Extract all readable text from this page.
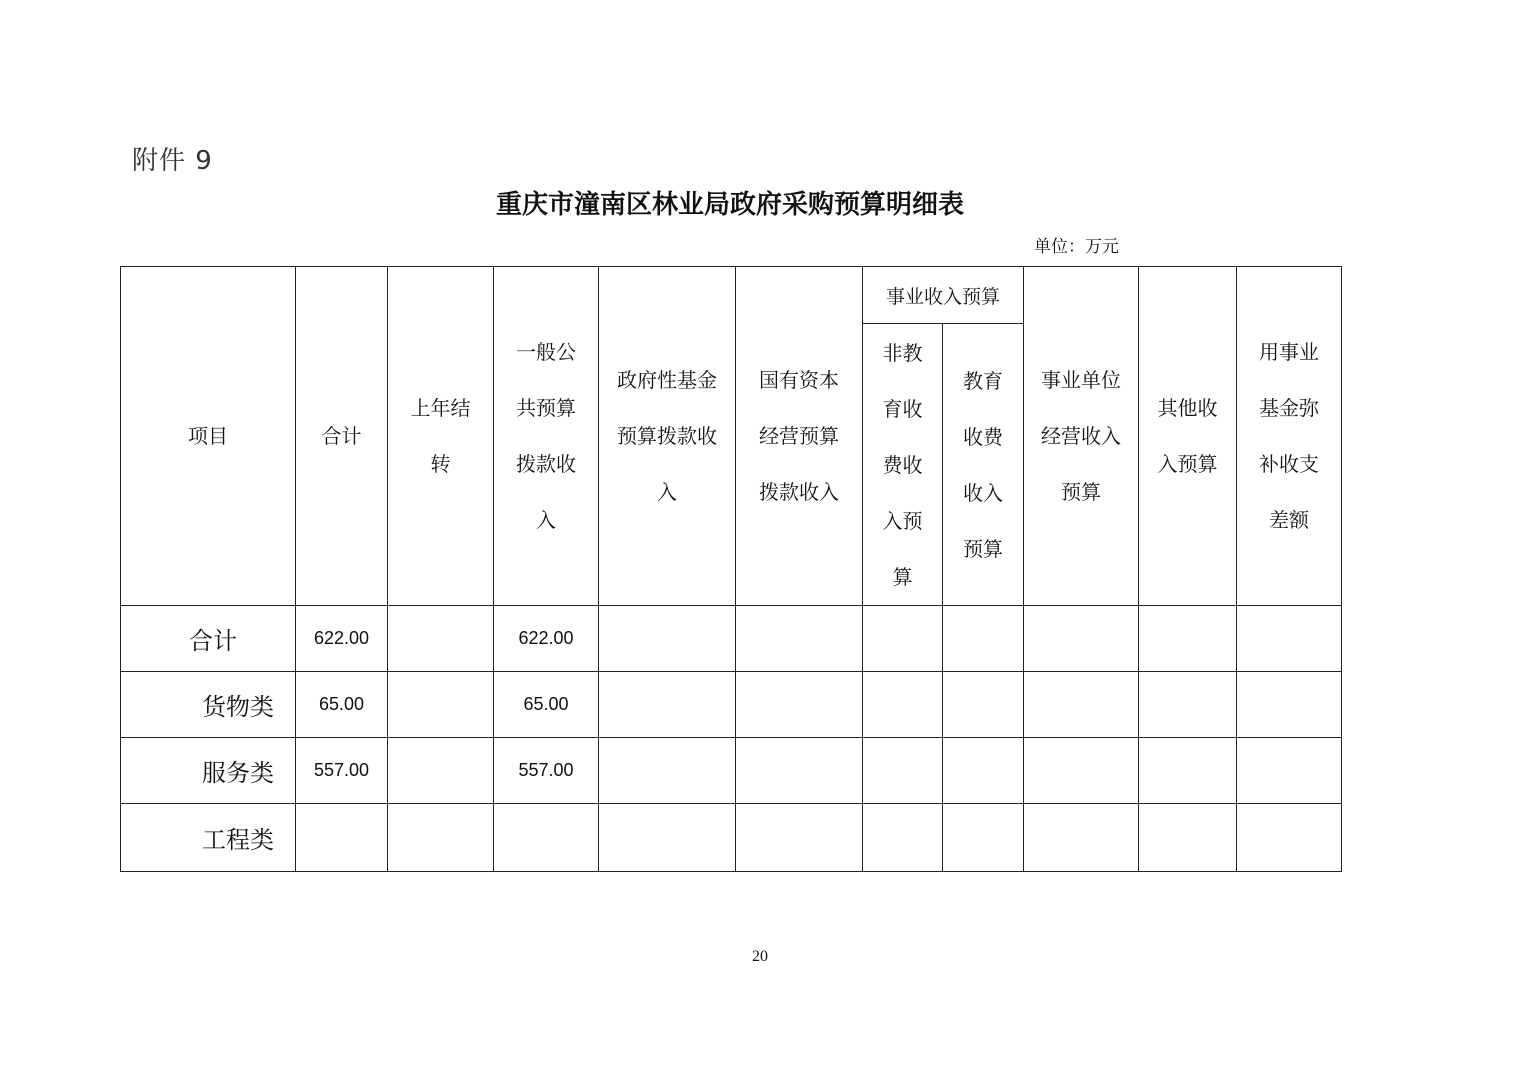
附件 9
重庆市潼南区林业局政府采购预算明细表
单位：万元
项目	合计	上年结转	一般公共预算拨款收入	政府性基金预算拨款收入	国有资本经营预算拨款收入	事业收入预算		事业单位经营收入预算	其他收入预算	用事业基金弥补收支差额
						非教育收费收入预算	教育收费收入预算			
合计	622.00		622.00							
货物类	65.00		65.00							
服务类	557.00		557.00							
工程类										
20
